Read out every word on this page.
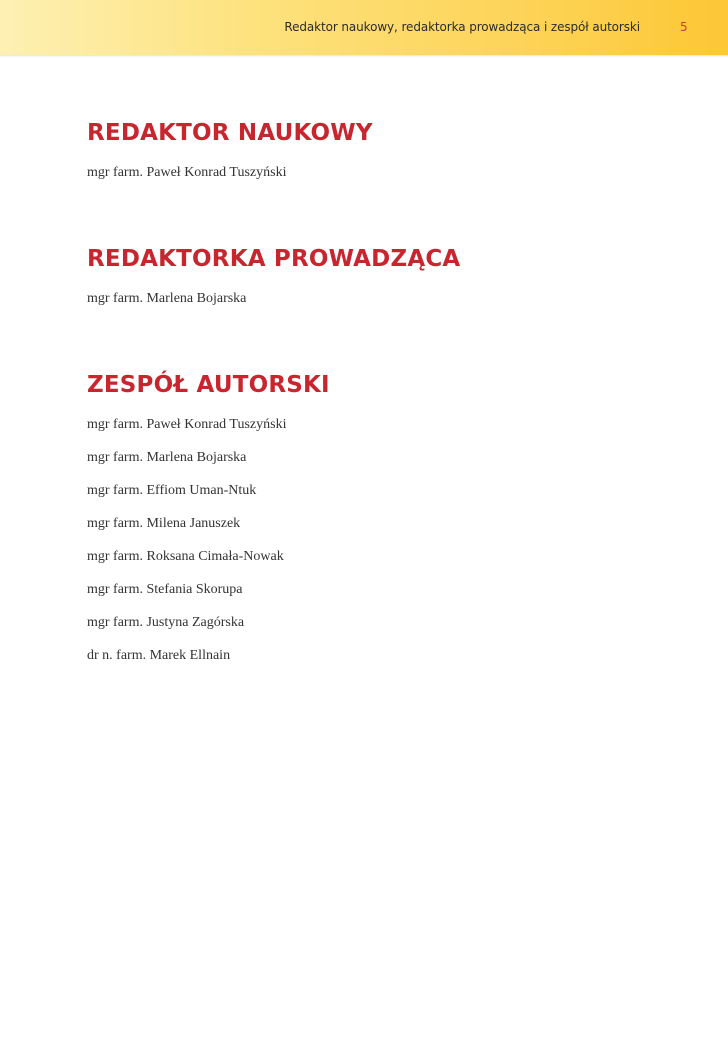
Redaktor naukowy, redaktorka prowadząca i zespół autorski	5
REDAKTOR NAUKOWY

mgr farm. Paweł Konrad Tuszyński

REDAKTORKA PROWADZĄCA

mgr farm. Marlena Bojarska

ZESPÓŁ AUTORSKI

mgr farm. Paweł Konrad Tuszyński

mgr farm. Marlena Bojarska

mgr farm. Effiom Uman-Ntuk

mgr farm. Milena Januszek

mgr farm. Roksana Cimała-Nowak

mgr farm. Stefania Skorupa

mgr farm. Justyna Zagórska

dr n. farm. Marek Ellnain
